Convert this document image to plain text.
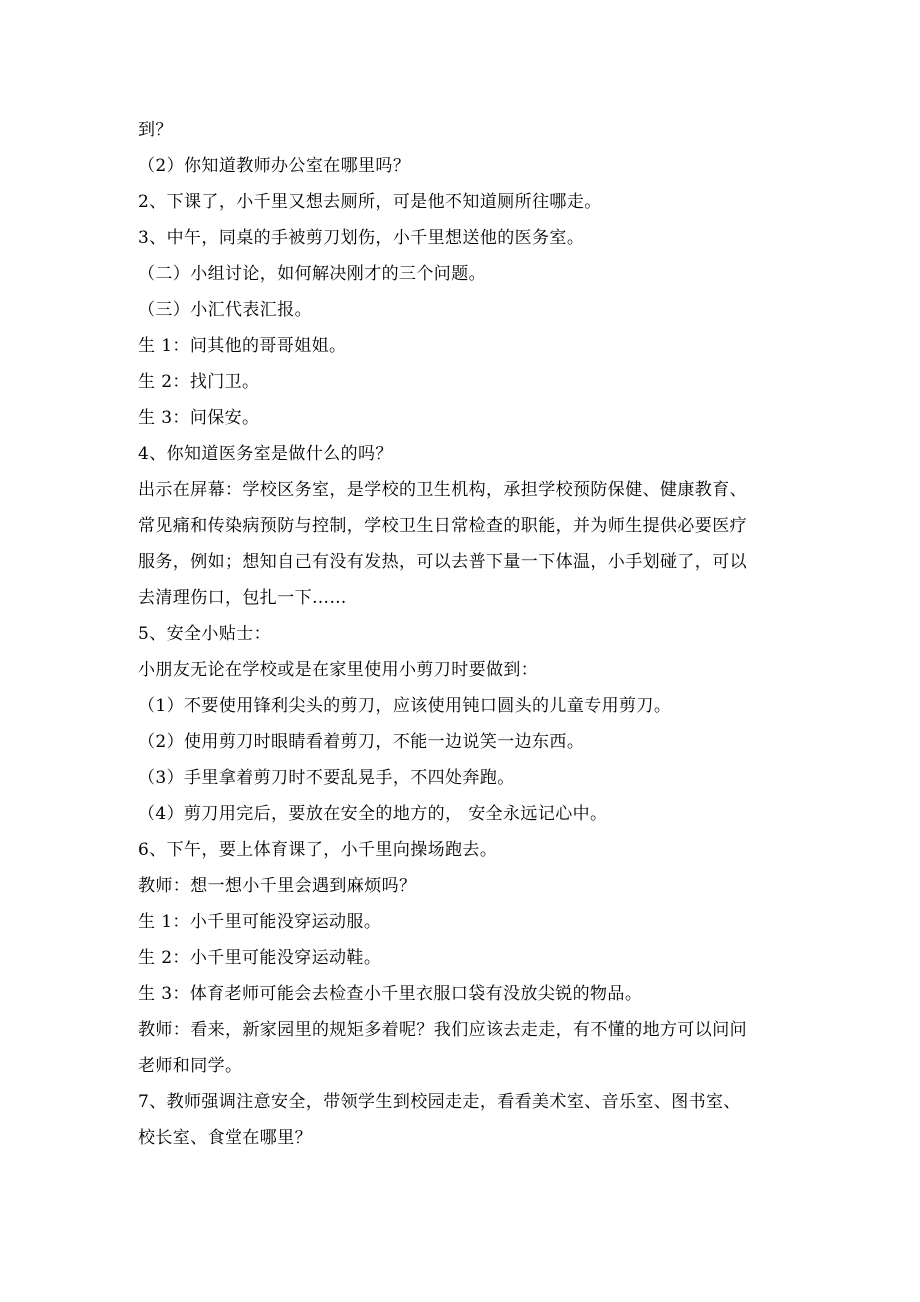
到？
（2）你知道教师办公室在哪里吗？
2、下课了，小千里又想去厕所，可是他不知道厕所往哪走。
3、中午，同桌的手被剪刀划伤，小千里想送他的医务室。
（二）小组讨论，如何解决刚才的三个问题。
（三）小汇代表汇报。
生 1：问其他的哥哥姐姐。
生 2：找门卫。
生 3：问保安。
4、你知道医务室是做什么的吗？
出示在屏幕：学校区务室，是学校的卫生机构，承担学校预防保健、健康教育、
常见痛和传染病预防与控制，学校卫生日常检查的职能，并为师生提供必要医疗
服务，例如；想知自己有没有发热，可以去普下量一下体温，小手划碰了，可以
去清理伤口，包扎一下……
5、安全小贴士：
小朋友无论在学校或是在家里使用小剪刀时要做到：
（1）不要使用锋利尖头的剪刀，应该使用钝口圆头的儿童专用剪刀。
（2）使用剪刀时眼睛看着剪刀，不能一边说笑一边东西。
（3）手里拿着剪刀时不要乱晃手，不四处奔跑。
（4）剪刀用完后，要放在安全的地方的， 安全永远记心中。
6、下午，要上体育课了，小千里向操场跑去。
教师：想一想小千里会遇到麻烦吗？
生 1：小千里可能没穿运动服。
生 2：小千里可能没穿运动鞋。
生 3：体育老师可能会去检查小千里衣服口袋有没放尖锐的物品。
教师：看来，新家园里的规矩多着呢？我们应该去走走，有不懂的地方可以问问
老师和同学。
7、教师强调注意安全，带领学生到校园走走，看看美术室、音乐室、图书室、
校长室、食堂在哪里？
